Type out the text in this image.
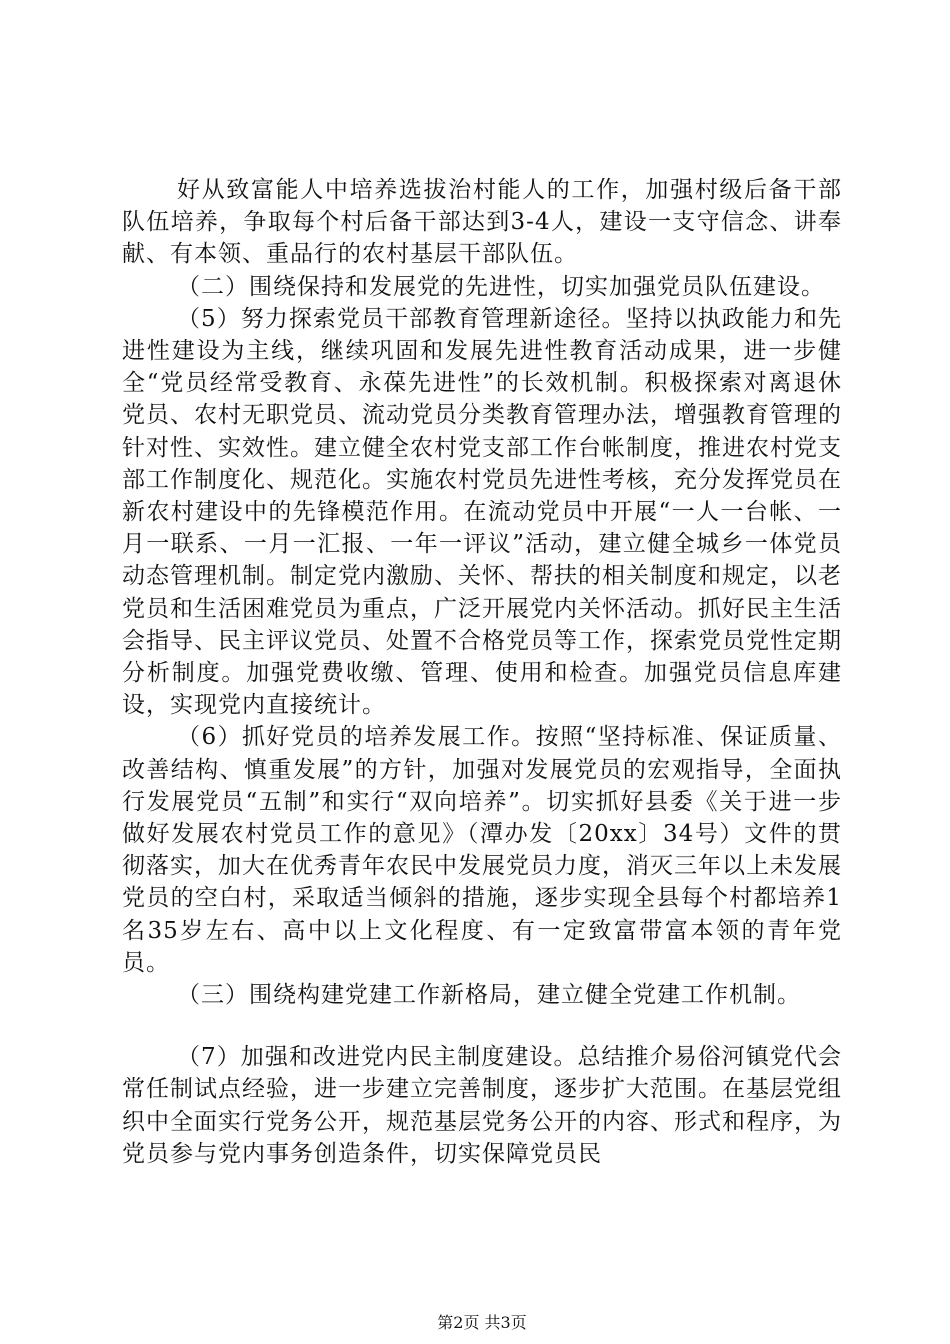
好从致富能人中培养选拔治村能人的工作，加强村级后备干部队伍培养，争取每个村后备干部达到3-4人，建设一支守信念、讲奉献、有本领、重品行的农村基层干部队伍。

（二）围绕保持和发展党的先进性，切实加强党员队伍建设。

（5）努力探索党员干部教育管理新途径。坚持以执政能力和先进性建设为主线，继续巩固和发展先进性教育活动成果，进一步健全“党员经常受教育、永葆先进性”的长效机制。积极探索对离退休党员、农村无职党员、流动党员分类教育管理办法，增强教育管理的针对性、实效性。建立健全农村党支部工作台帐制度，推进农村党支部工作制度化、规范化。实施农村党员先进性考核，充分发挥党员在新农村建设中的先锋模范作用。在流动党员中开展“一人一台帐、一月一联系、一月一汇报、一年一评议”活动，建立健全城乡一体党员动态管理机制。制定党内激励、关怀、帮扶的相关制度和规定，以老党员和生活困难党员为重点，广泛开展党内关怀活动。抓好民主生活会指导、民主评议党员、处置不合格党员等工作，探索党员党性定期分析制度。加强党费收缴、管理、使用和检查。加强党员信息库建设，实现党内直接统计。

（6）抓好党员的培养发展工作。按照“坚持标准、保证质量、改善结构、慎重发展”的方针，加强对发展党员的宏观指导，全面执行发展党员“五制”和实行“双向培养”。切实抓好县委《关于进一步做好发展农村党员工作的意见》（潭办发〔20xx〕34号）文件的贯彻落实，加大在优秀青年农民中发展党员力度，消灭三年以上未发展党员的空白村，采取适当倾斜的措施，逐步实现全县每个村都培养1名35岁左右、高中以上文化程度、有一定致富带富本领的青年党员。

（三）围绕构建党建工作新格局，建立健全党建工作机制。

（7）加强和改进党内民主制度建设。总结推介易俗河镇党代会常任制试点经验，进一步建立完善制度，逐步扩大范围。在基层党组织中全面实行党务公开，规范基层党务公开的内容、形式和程序，为党员参与党内事务创造条件，切实保障党员民

第2页 共3页
